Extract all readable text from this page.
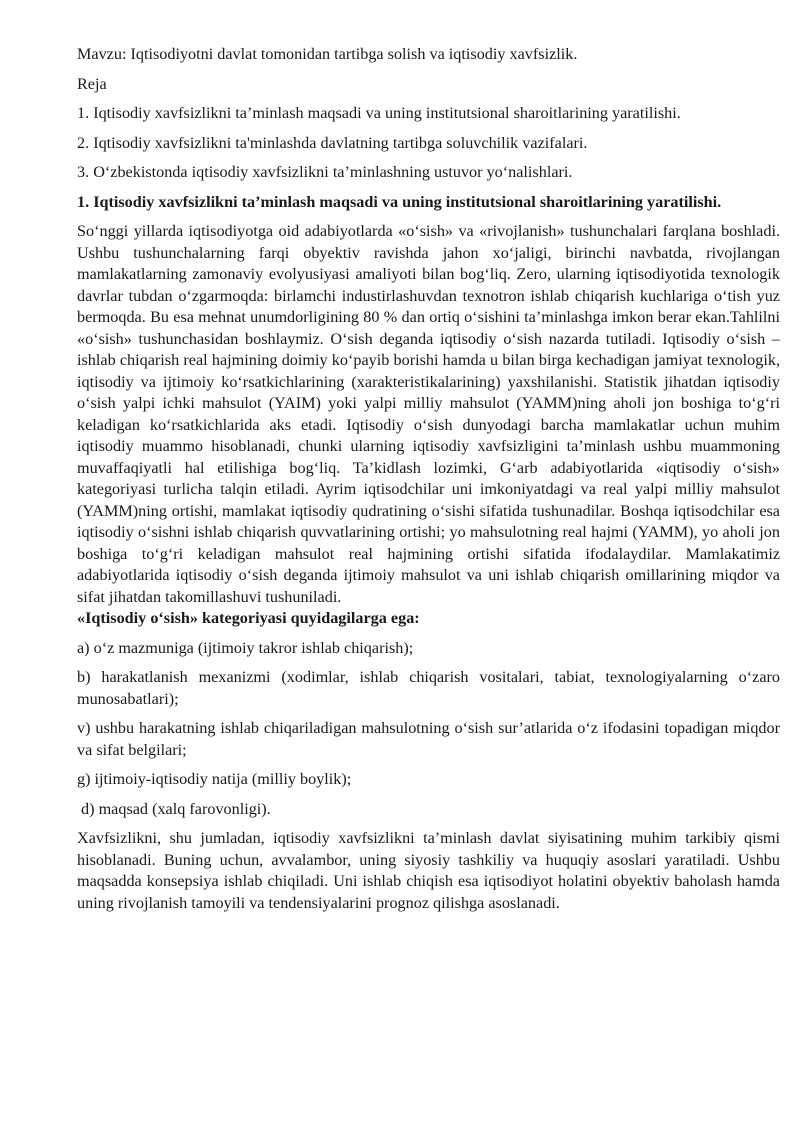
Mavzu: Iqtisodiyotni davlat tomonidan tartibga solish va iqtisodiy xavfsizlik.

Reja

1. Iqtisodiy xavfsizlikni ta’minlash maqsadi va uning institutsional sharoitlarining yaratilishi.

2. Iqtisodiy xavfsizlikni ta'minlashda davlatning tartibga soluvchilik vazifalari.

3. O‘zbekistonda iqtisodiy xavfsizlikni ta’minlashning ustuvor yo‘nalishlari.

1. Iqtisodiy xavfsizlikni ta’minlash maqsadi va uning institutsional sharoitlarining yaratilishi.

So‘nggi yillarda iqtisodiyotga oid adabiyotlarda «o‘sish» va «rivojlanish» tushunchalari farqlana boshladi. Ushbu tushunchalarning farqi obyektiv ravishda jahon xo‘jaligi, birinchi navbatda, rivojlangan mamlakatlarning zamonaviy evolyusiyasi amaliyoti bilan bog‘liq. Zero, ularning iqtisodiyotida texnologik davrlar tubdan o‘zgarmoqda: birlamchi industirlashuvdan texnotron ishlab chiqarish kuchlariga o‘tish yuz bermoqda. Bu esa mehnat unumdorligining 80 % dan ortiq o‘sishini ta’minlashga imkon berar ekan.Tahlilni «o‘sish» tushunchasidan boshlaymiz. O‘sish deganda iqtisodiy o‘sish nazarda tutiladi. Iqtisodiy o‘sish – ishlab chiqarish real hajmining doimiy ko‘payib borishi hamda u bilan birga kechadigan jamiyat texnologik, iqtisodiy va ijtimoiy ko‘rsatkichlarining (xarakteristikalarining) yaxshilanishi. Statistik jihatdan iqtisodiy o‘sish yalpi ichki mahsulot (YAIM) yoki yalpi milliy mahsulot (YAMM)ning aholi jon boshiga to‘g‘ri keladigan ko‘rsatkichlarida aks etadi. Iqtisodiy o‘sish dunyodagi barcha mamlakatlar uchun muhim iqtisodiy muammo hisoblanadi, chunki ularning iqtisodiy xavfsizligini ta’minlash ushbu muammoning muvaffaqiyatli hal etilishiga bog‘liq. Ta’kidlash lozimki, G‘arb adabiyotlarida «iqtisodiy o‘sish» kategoriyasi turlicha talqin etiladi. Ayrim iqtisodchilar uni imkoniyatdagi va real yalpi milliy mahsulot (YAMM)ning ortishi, mamlakat iqtisodiy qudratining o‘sishi sifatida tushunadilar. Boshqa iqtisodchilar esa iqtisodiy o‘sishni ishlab chiqarish quvvatlarining ortishi; yo mahsulotning real hajmi (YAMM), yo aholi jon boshiga to‘g‘ri keladigan mahsulot real hajmining ortishi sifatida ifodalaydilar. Mamlakatimiz adabiyotlarida iqtisodiy o‘sish deganda ijtimoiy mahsulot va uni ishlab chiqarish omillarining miqdor va sifat jihatdan takomillashuvi tushuniladi.
«Iqtisodiy o‘sish» kategoriyasi quyidagilarga ega:

a) o‘z mazmuniga (ijtimoiy takror ishlab chiqarish);

b) harakatlanish mexanizmi (xodimlar, ishlab chiqarish vositalari, tabiat, texnologiyalarning o‘zaro munosabatlari);

v) ushbu harakatning ishlab chiqariladigan mahsulotning o‘sish sur’atlarida o‘z ifodasini topadigan miqdor va sifat belgilari;

g) ijtimoiy-iqtisodiy natija (milliy boylik);

d) maqsad (xalq farovonligi).

Xavfsizlikni, shu jumladan, iqtisodiy xavfsizlikni ta’minlash davlat siyisatining muhim tarkibiy qismi hisoblanadi. Buning uchun, avvalambor, uning siyosiy tashkiliy va huquqiy asoslari yaratiladi. Ushbu maqsadda konsepsiya ishlab chiqiladi. Uni ishlab chiqish esa iqtisodiyot holatini obyektiv baholash hamda uning rivojlanish tamoyili va tendensiyalarini prognoz qilishga asoslanadi.
